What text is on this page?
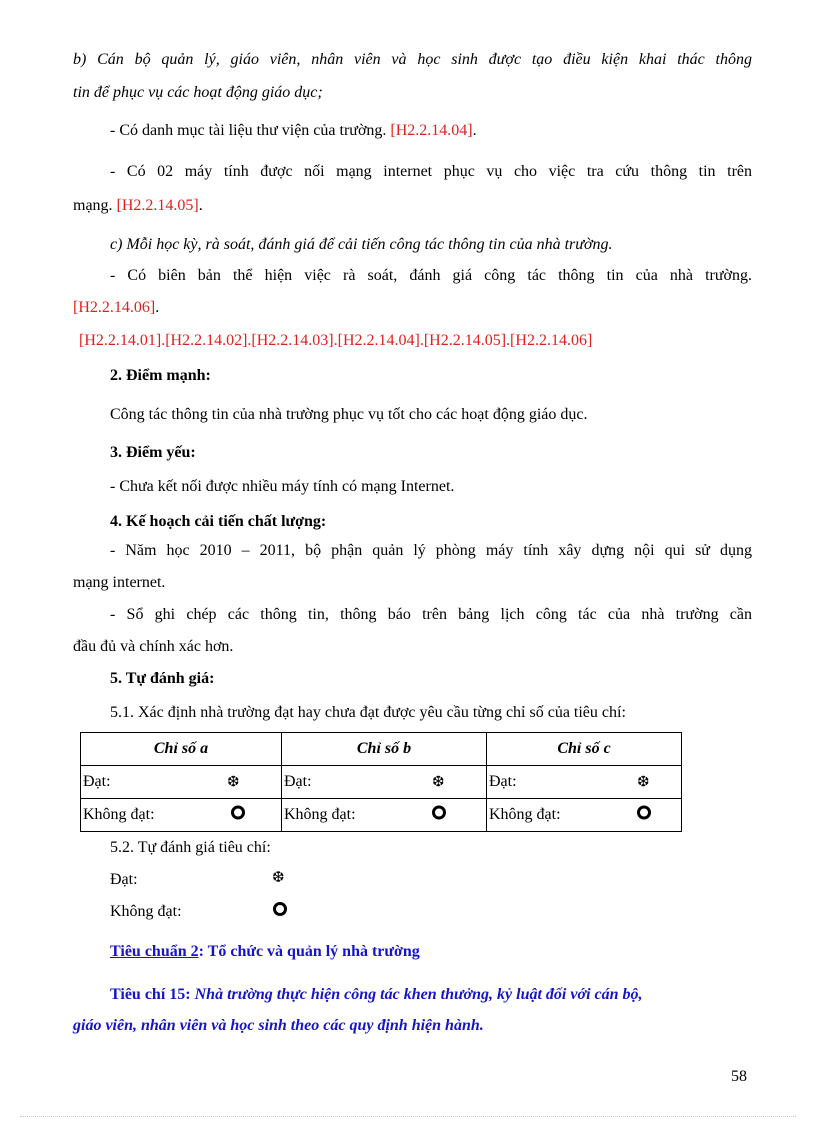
b) Cán bộ quản lý, giáo viên, nhân viên và học sinh được tạo điều kiện khai thác thông
tin để phục vụ các hoạt động giáo dục;
- Có danh mục tài liệu thư viện của trường. [H2.2.14.04].
- Có 02 máy tính được nối mạng internet phục vụ cho việc tra cứu thông tin trên
mạng. [H2.2.14.05].
c) Mỗi học kỳ, rà soát, đánh giá để cải tiến công tác thông tin của nhà trường.
- Có biên bản thể hiện việc rà soát, đánh giá công tác thông tin của nhà trường.
[H2.2.14.06].
[H2.2.14.01].[H2.2.14.02].[H2.2.14.03].[H2.2.14.04].[H2.2.14.05].[H2.2.14.06]
2. Điểm mạnh:
Công tác thông tin của nhà trường phục vụ tốt cho các hoạt động giáo dục.
3. Điểm yếu:
- Chưa kết nối được nhiều máy tính có mạng Internet.
4. Kế hoạch cải tiến chất lượng:
- Năm học 2010 – 2011, bộ phận quản lý phòng máy tính xây dựng nội qui sử dụng
mạng internet.
- Sổ ghi chép các thông tin, thông báo trên bảng lịch công tác của nhà trường cần
đầu đủ và chính xác hơn.
5. Tự đánh giá:
5.1. Xác định nhà trường đạt hay chưa đạt được yêu cầu từng chỉ số của tiêu chí:
Chỉ số a	Chỉ số b	Chỉ số c
Đạt: ❆	Đạt: ❆	Đạt: ❆

Không đạt:	Không đạt:	Không đạt:
5.2. Tự đánh giá tiêu chí:
Đạt:	❆
Không đạt:
Tiêu chuẩn 2: Tổ chức và quản lý nhà trường
Tiêu chí 15: Nhà trường thực hiện công tác khen thưởng, kỷ luật đối với cán bộ,
giáo viên, nhân viên và học sinh theo các quy định hiện hành.
58
